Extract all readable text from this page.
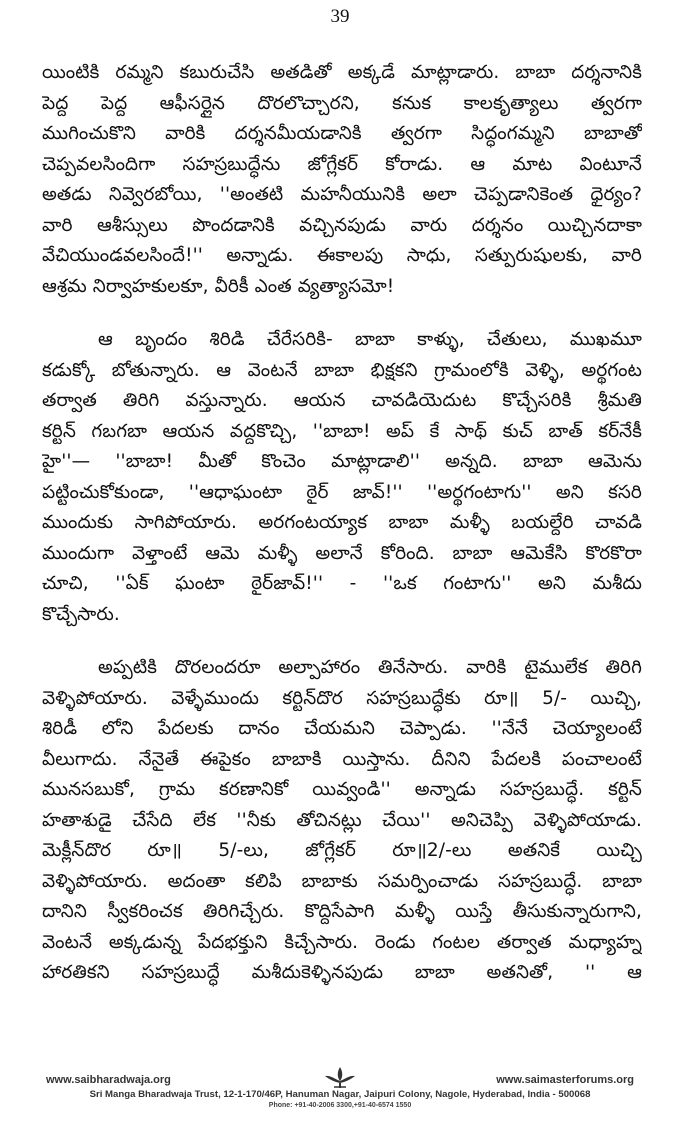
39
యింటికి రమ్మని కబురుచేసి అతడితో అక్కడే మాట్లాడారు. బాబా దర్శనానికి
పెద్ద పెద్ద ఆఫీసర్లైన దొరలొచ్చారని, కనుక కాలకృత్యాలు త్వరగా
ముగించుకొని వారికి దర్శనమీయడానికి త్వరగా సిద్ధంగమ్మని బాబాతో
చెప్పవలసిందిగా సహస్రబుద్ధేను జోగ్లేకర్ కోరాడు. ఆ మాట వింటూనే
అతడు నివ్వెరబోయి, ''అంతటి మహనీయునికి అలా చెప్పడానికెంత ధైర్యం?
వారి ఆశీస్సులు పొందడానికి వచ్చినపుడు వారు దర్శనం యిచ్చినదాకా
వేచియుండవలసిందే!'' అన్నాడు. ఈకాలపు సాధు, సత్పురుషులకు, వారి
ఆశ్రమ నిర్వాహకులకూ, వీరికీ ఎంత వ్యత్యాసమో!
ఆ బృందం శిరిడి చేరేసరికి- బాబా కాళ్ళు, చేతులు, ముఖమూ
కడుక్కో బోతున్నారు. ఆ వెంటనే బాబా భిక్షకని గ్రామంలోకి వెళ్ళి, అర్థగంట
తర్వాత తిరిగి వస్తున్నారు. ఆయన చావడియెదుట కొచ్చేసరికి శ్రీమతి
కర్టిన్ గబగబా ఆయన వద్దకొచ్చి, ''బాబా! అప్ కే సాథ్ కుచ్ బాత్ కర్‌నేకీ
హై''— ''బాబా! మీతో కొంచెం మాట్లాడాలి'' అన్నది. బాబా ఆమెను
పట్టించుకోకుండా, ''ఆధాఘంటా ఠైర్ జావ్!'' ''అర్థగంటాగు'' అని కసరి
ముందుకు సాగిపోయారు. అరగంటయ్యాక బాబా మళ్ళీ బయల్దేరి చావడి
ముందుగా వెళ్తాంటే ఆమె మళ్ళీ అలానే కోరింది. బాబా ఆమెకేసి కొరకొరా
చూచి, ''ఏక్ ఘంటా ఠైర్‌జావ్!'' - ''ఒక గంటాగు'' అని మశీదు
కొచ్చేసారు.
అప్పటికి దొరలందరూ అల్పాహారం తినేసారు. వారికి టైములేక తిరిగి
వెళ్ళిపోయారు. వెళ్ళేముందు కర్టిన్‌దొర సహస్రబుద్ధేకు రూ॥ 5/- యిచ్చి,
శిరిడీ లోని పేదలకు దానం చేయమని చెప్పాడు. ''నేనే చెయ్యాలంటే
వీలుగాదు. నేనైతే ఈపైకం బాబాకి యిస్తాను. దీనిని పేదలకి పంచాలంటే
మునసబుకో, గ్రామ కరణానికో యివ్వండి'' అన్నాడు సహస్రబుద్ధే. కర్టిన్
హతాశుడై చేసేది లేక ''నీకు తోచినట్లు చేయి'' అనిచెప్పి వెళ్ళిపోయాడు.
మెక్లీన్‌దొర రూ॥ 5/-లు, జోగ్లేకర్ రూ॥2/-లు అతనికే యిచ్చి
వెళ్ళిపోయారు. అదంతా కలిపి బాబాకు సమర్పించాడు సహస్రబుద్ధే. బాబా
దానిని స్వీకరించక తిరిగిచ్చేరు. కొద్దిసేపాగి మళ్ళీ యిస్తే తీసుకున్నారుగాని,
వెంటనే అక్కడున్న పేదభక్తుని కిచ్చేసారు. రెండు గంటల తర్వాత మధ్యాహ్న
హారతికని సహస్రబుద్ధే మశీదుకెళ్ళినపుడు బాబా అతనితో, '' ఆ
www.saibharadwaja.org	www.saimasterforums.org
Sri Manga Bharadwaja Trust, 12-1-170/46P, Hanuman Nagar, Jaipuri Colony, Nagole, Hyderabad, India - 500068
Phone: +91-40-2006 3300,+91-40-6574 1550
